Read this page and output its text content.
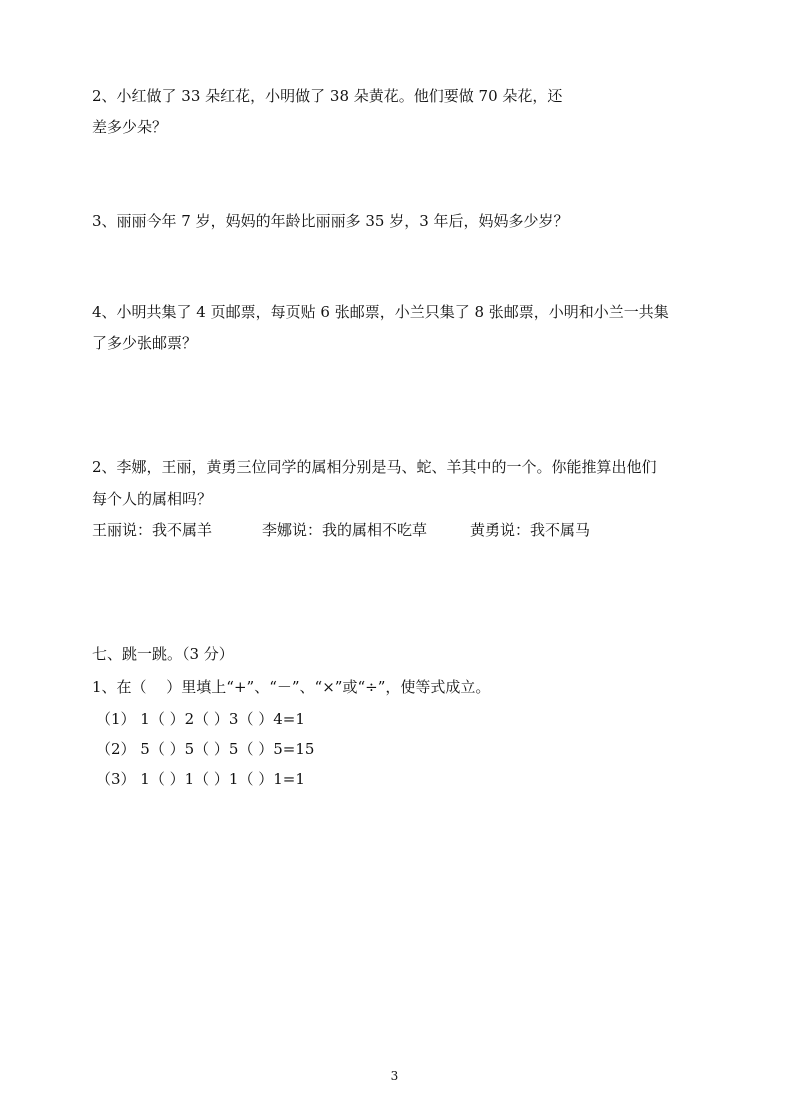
2、小红做了 33 朵红花，小明做了 38 朵黄花。他们要做 70 朵花，还

差多少朵？

3、丽丽今年 7 岁，妈妈的年龄比丽丽多 35 岁，3 年后，妈妈多少岁？

4、小明共集了 4 页邮票，每页贴 6 张邮票，小兰只集了 8 张邮票，小明和小兰一共集

了多少张邮票？

2、李娜，王丽，黄勇三位同学的属相分别是马、蛇、羊其中的一个。你能推算出他们

每个人的属相吗？

王丽说：我不属羊	李娜说：我的属相不吃草	黄勇说：我不属马

七、跳一跳。（3 分）

1、在（　 ）里填上“+”、“－”、“×”或“÷”，使等式成立。

（1） 1（ ）2（ ）3（ ）4=1

（2） 5（ ）5（ ）5（ ）5=15

（3） 1（ ）1（ ）1（ ）1=1

3
